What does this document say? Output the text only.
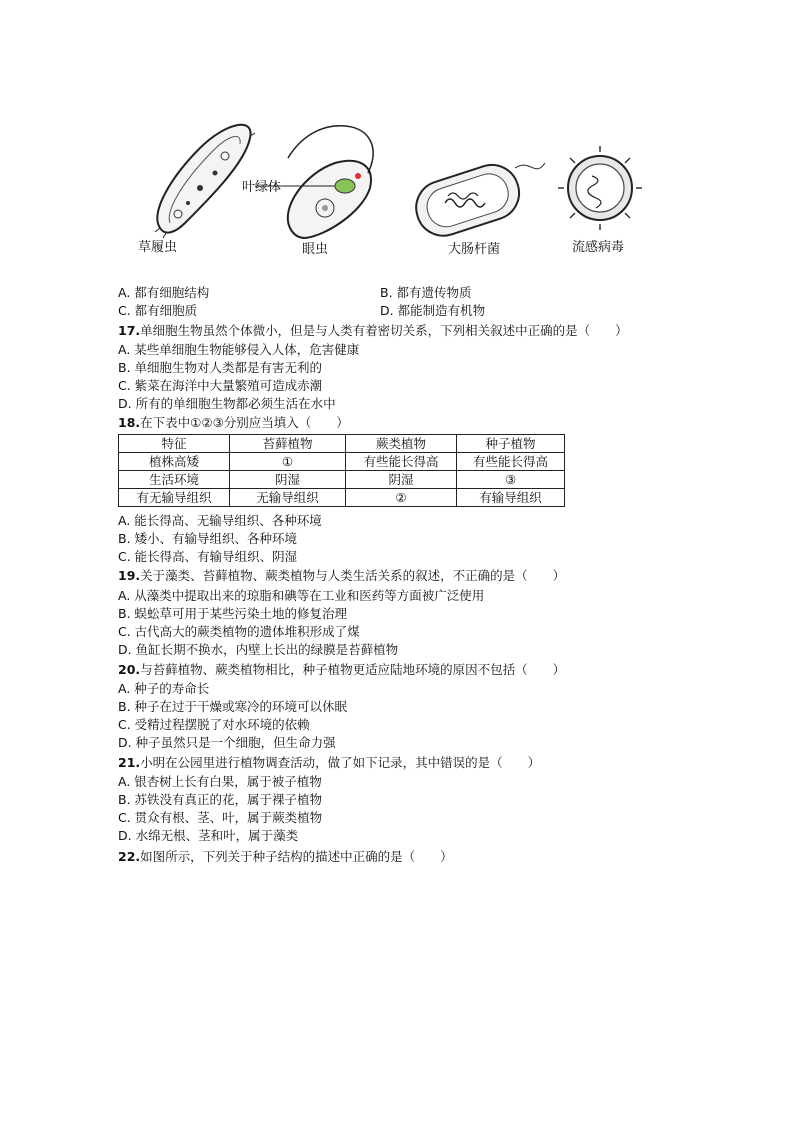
草履虫
叶绿体
眼虫	大肠杆菌	流感病毒
A. 都有细胞结构	B. 都有遗传物质
C. 都有细胞质	D. 都能制造有机物
17.单细胞生物虽然个体微小，但是与人类有着密切关系，下列相关叙述中正确的是（　　）
A. 某些单细胞生物能够侵入人体，危害健康
B. 单细胞生物对人类都是有害无利的
C. 紫菜在海洋中大量繁殖可造成赤潮
D. 所有的单细胞生物都必须生活在水中
18.在下表中①②③分别应当填入（　　）
特征	苔藓植物	蕨类植物	种子植物
植株高矮	①	有些能长得高	有些能长得高
生活环境	阴湿	阴湿	③
有无输导组织	无输导组织	②	有输导组织
A. 能长得高、无输导组织、各种环境
B. 矮小、有输导组织、各种环境
C. 能长得高、有输导组织、阴湿
19.关于藻类、苔藓植物、蕨类植物与人类生活关系的叙述，不正确的是（　　）
A. 从藻类中提取出来的琼脂和碘等在工业和医药等方面被广泛使用
B. 蜈蚣草可用于某些污染土地的修复治理
C. 古代高大的蕨类植物的遗体堆积形成了煤
D. 鱼缸长期不换水，内壁上长出的绿膜是苔藓植物
20.与苔藓植物、蕨类植物相比，种子植物更适应陆地环境的原因不包括（　　）
A. 种子的寿命长
B. 种子在过于干燥或寒冷的环境可以休眠
C. 受精过程摆脱了对水环境的依赖
D. 种子虽然只是一个细胞，但生命力强
21.小明在公园里进行植物调查活动，做了如下记录，其中错误的是（　　）
A. 银杏树上长有白果，属于被子植物
B. 苏铁没有真正的花，属于裸子植物
C. 贯众有根、茎、叶，属于蕨类植物
D. 水绵无根、茎和叶，属于藻类
22.如图所示，下列关于种子结构的描述中正确的是（　　）
